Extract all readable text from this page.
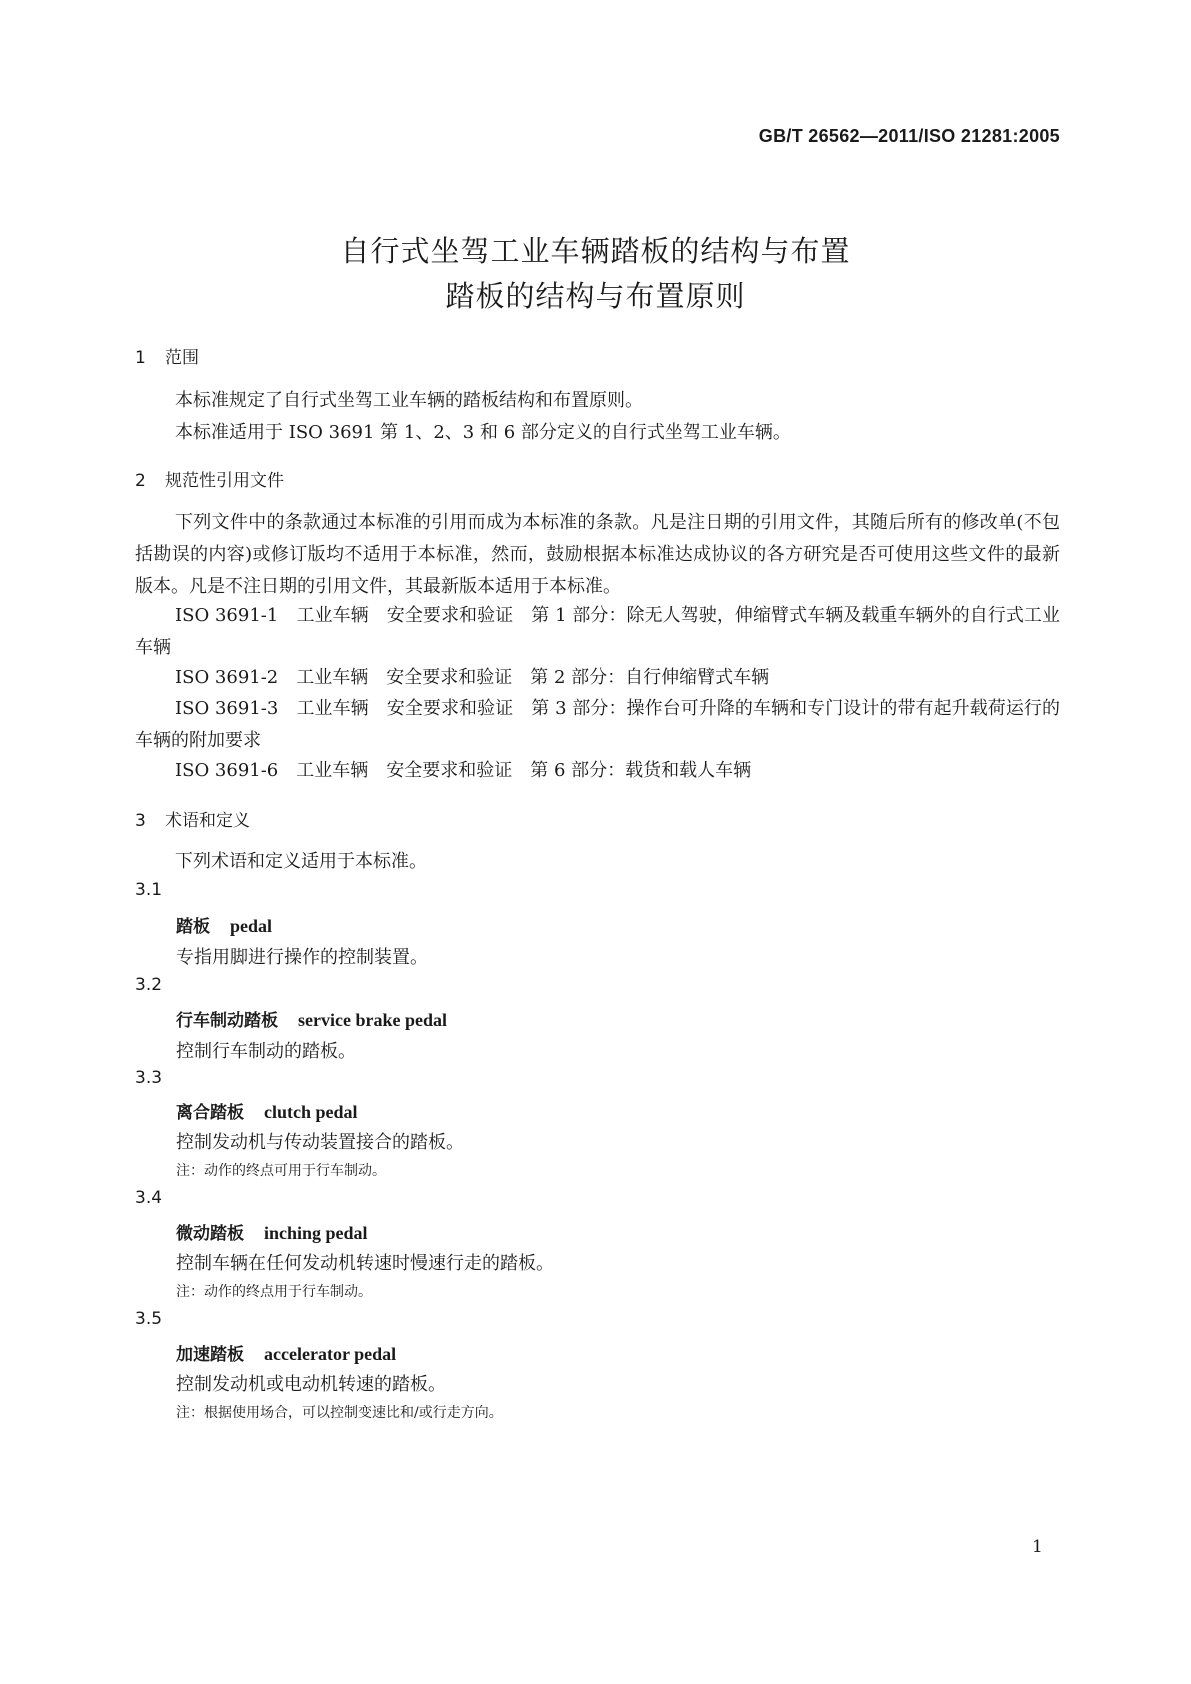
GB/T 26562—2011/ISO 21281:2005
自行式坐驾工业车辆踏板的结构与布置
踏板的结构与布置原则
1 范围
本标准规定了自行式坐驾工业车辆的踏板结构和布置原则。
本标准适用于 ISO 3691 第 1、2、3 和 6 部分定义的自行式坐驾工业车辆。
2 规范性引用文件
下列文件中的条款通过本标准的引用而成为本标准的条款。凡是注日期的引用文件，其随后所有的修改单(不包括勘误的内容)或修订版均不适用于本标准，然而，鼓励根据本标准达成协议的各方研究是否可使用这些文件的最新版本。凡是不注日期的引用文件，其最新版本适用于本标准。
ISO 3691-1　工业车辆　安全要求和验证　第 1 部分：除无人驾驶，伸缩臂式车辆及载重车辆外的自行式工业车辆
ISO 3691-2　工业车辆　安全要求和验证　第 2 部分：自行伸缩臂式车辆
ISO 3691-3　工业车辆　安全要求和验证　第 3 部分：操作台可升降的车辆和专门设计的带有起升载荷运行的车辆的附加要求
ISO 3691-6　工业车辆　安全要求和验证　第 6 部分：载货和载人车辆
3 术语和定义
下列术语和定义适用于本标准。
3.1
踏板 pedal
专指用脚进行操作的控制装置。
3.2
行车制动踏板 service brake pedal
控制行车制动的踏板。
3.3
离合踏板 clutch pedal
控制发动机与传动装置接合的踏板。
注：动作的终点可用于行车制动。
3.4
微动踏板 inching pedal
控制车辆在任何发动机转速时慢速行走的踏板。
注：动作的终点用于行车制动。
3.5
加速踏板 accelerator pedal
控制发动机或电动机转速的踏板。
注：根据使用场合，可以控制变速比和/或行走方向。
1
